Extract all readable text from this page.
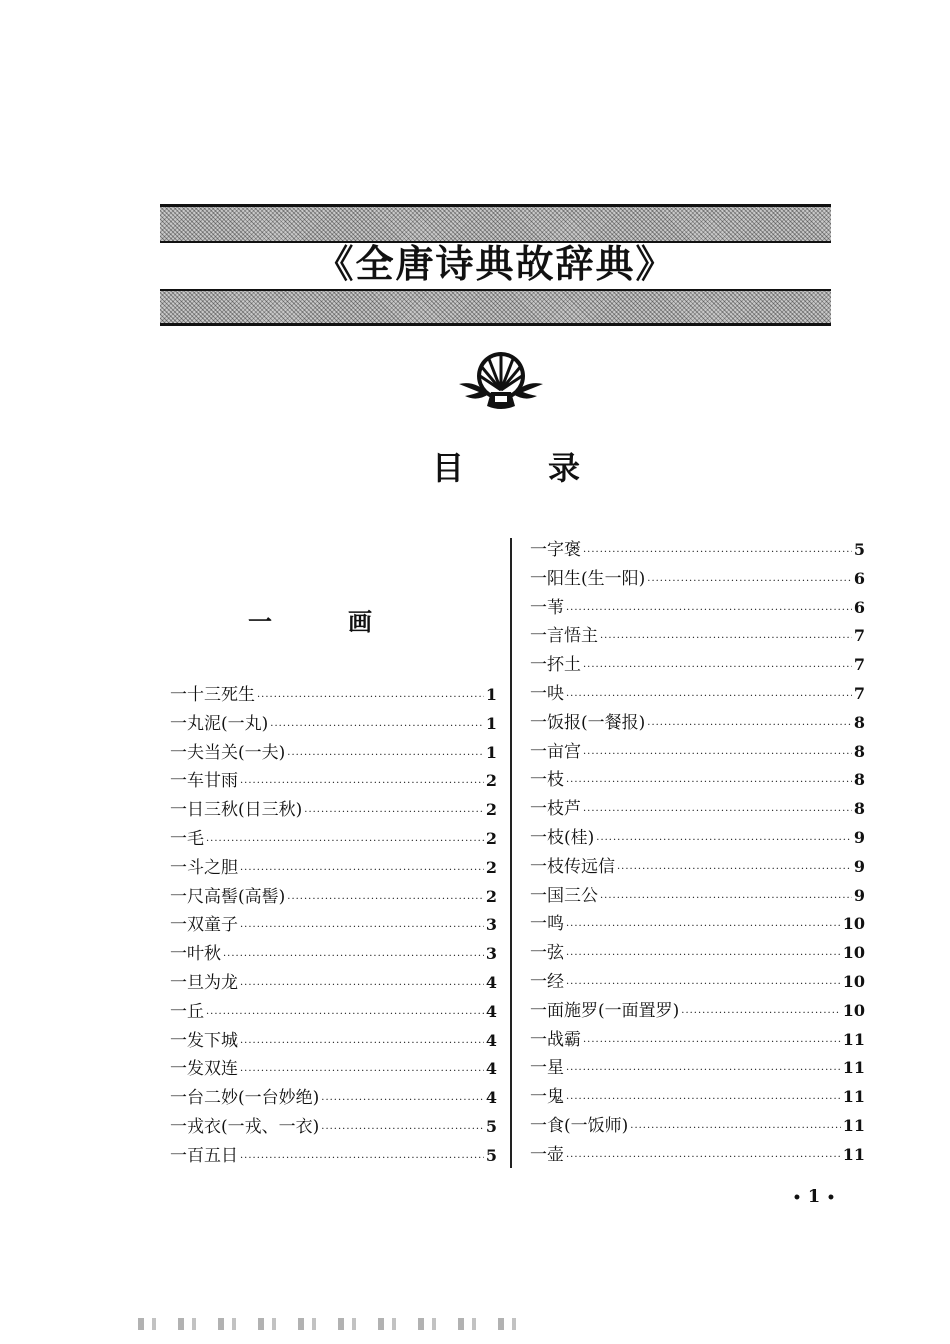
《全唐诗典故辞典》
目	录
一	画
一十三死生 ·····	1
一丸泥(一丸) ·····	1
一夫当关(一夫) ·····	1
一车甘雨 ·····	2
一日三秋(日三秋) ·····	2
一毛 ·····	2
一斗之胆 ·····	2
一尺高髻(高髻) ·····	2
一双童子 ·····	3
一叶秋 ·····	3
一旦为龙 ·····	4
一丘 ·····	4
一发下城 ·····	4
一发双连 ·····	4
一台二妙(一台妙绝) ·····	4
一戎衣(一戎、一衣) ·····	5
一百五日 ·····	5
一字褒 ·····	5
一阳生(生一阳) ·····	6
一苇 ·····	6
一言悟主 ·····	7
一抔土 ·····	7
一吷 ·····	7
一饭报(一餐报) ·····	8
一亩宫 ·····	8
一枝 ·····	8
一枝芦 ·····	8
一枝(桂) ·····	9
一枝传远信 ·····	9
一国三公 ·····	9
一鸣 ·····	10
一弦 ·····	10
一经 ·····	10
一面施罗(一面置罗) ·····	10
一战霸 ·····	11
一星 ·····	11
一鬼 ·····	11
一食(一饭师) ·····	11
一壶 ·····	11
• 1 •
